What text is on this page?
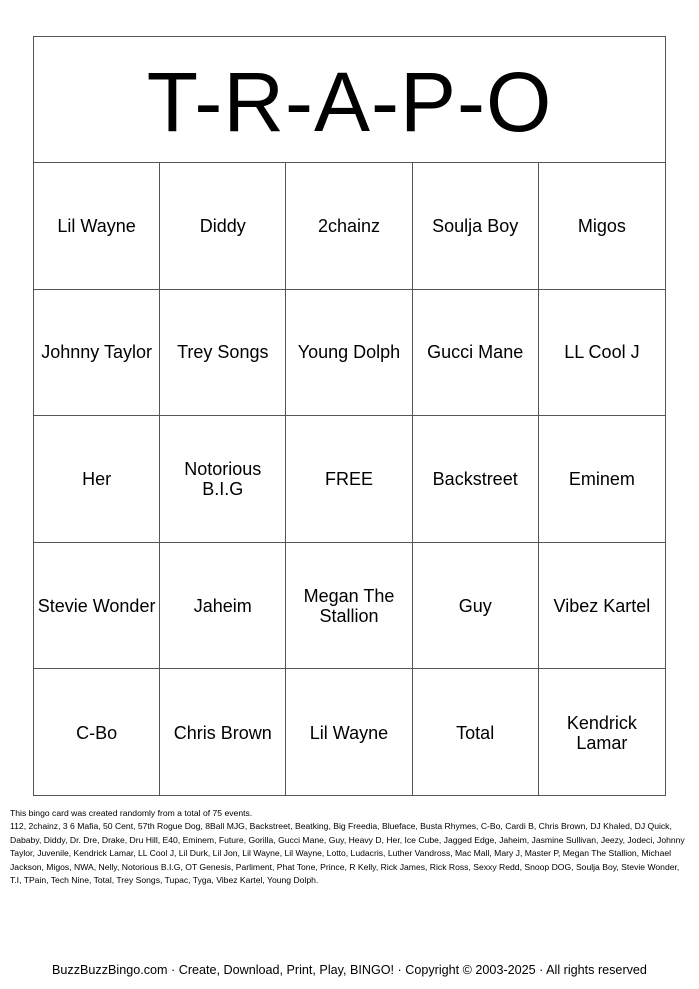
T-R-A-P-O
Lil Wayne	Diddy	2chainz	Soulja Boy	Migos
Johnny Taylor	Trey Songs	Young Dolph	Gucci Mane	LL Cool J
Her	Notorious B.I.G	FREE	Backstreet	Eminem
Stevie Wonder	Jaheim	Megan The Stallion	Guy	Vibez Kartel
C-Bo	Chris Brown	Lil Wayne	Total	Kendrick Lamar

This bingo card was created randomly from a total of 75 events.

112, 2chainz, 3 6 Mafia, 50 Cent, 57th Rogue Dog, 8Ball MJG, Backstreet, Beatking, Big Freedia, Blueface, Busta Rhymes, C-Bo, Cardi B, Chris Brown, DJ Khaled, DJ Quick, Dababy, Diddy, Dr. Dre, Drake, Dru Hill, E40, Eminem, Future, Gorilla, Gucci Mane, Guy, Heavy D, Her, Ice Cube, Jagged Edge, Jaheim, Jasmine Sullivan, Jeezy, Jodeci, Johnny Taylor, Juvenile, Kendrick Lamar, LL Cool J, Lil Durk, Lil Jon, Lil Wayne, Lil Wayne, Lotto, Ludacris, Luther Vandross, Mac Mall, Mary J, Master P, Megan The Stallion, Michael Jackson, Migos, NWA, Nelly, Notorious B.I.G, OT Genesis, Parliment, Phat Tone, Prince, R Kelly, Rick James, Rick Ross, Sexxy Redd, Snoop DOG, Soulja Boy, Stevie Wonder, T.I, TPain, Tech Nine, Total, Trey Songs, Tupac, Tyga, Vibez Kartel, Young Dolph.

BuzzBuzzBingo.com · Create, Download, Print, Play, BINGO! · Copyright © 2003-2025 · All rights reserved
